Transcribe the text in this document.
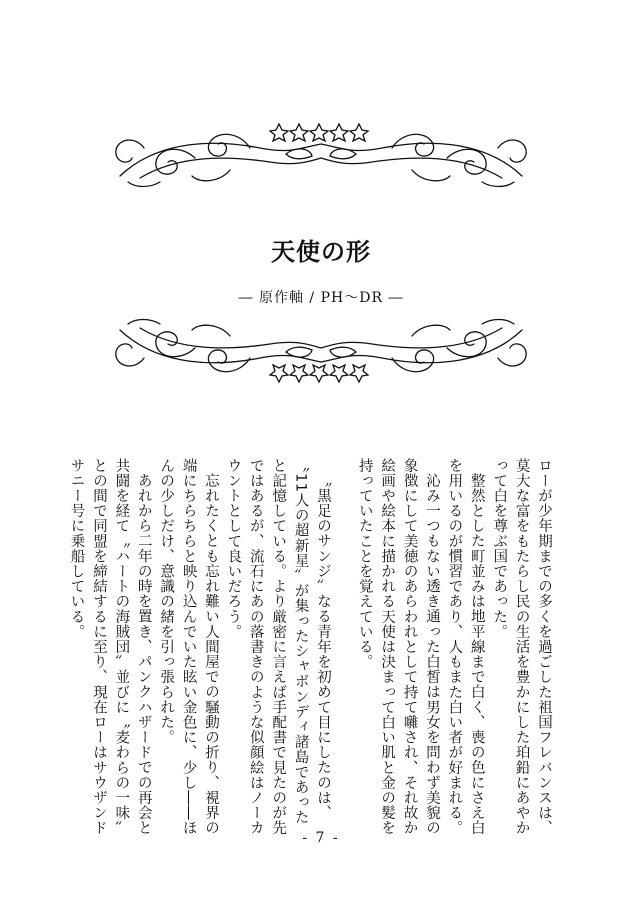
天使の形
― 原作軸 / PH～DR ―

ローが少年期までの多くを過ごした祖国フレバンスは、莫大な富をもたらし民の生活を豊かにした珀鉛にあやかって白を尊ぶ国であった。

整然とした町並みは地平線まで白く、喪の色にさえ白を用いるのが慣習であり、人もまた白い者が好まれる。

沁み一つもない透き通った白皙は男女を問わず美貌の象徴にして美徳のあらわれとして持て囃され、それ故か絵画や絵本に描かれる天使は決まって白い肌と金の髪を持っていたことを覚えている。

〝黒足のサンジ〟なる青年を初めて目にしたのは、〝11人の超新星〟が集ったシャボンディ諸島であったと記憶している。より厳密に言えば手配書で見たのが先ではあるが、流石にあの落書きのような似顔絵はノーカウントとして良いだろう。

忘れたくとも忘れ難い人間屋での騒動の折り、視界の端にちらちらと映り込んでいた眩い金色に、少し――ほんの少しだけ、意識の緒を引っ張られた。

あれから二年の時を置き、パンクハザードでの再会と共闘を経て〝ハートの海賊団〟並びに〝麦わらの一味〟との間で同盟を締結するに至り、現在ローはサウザンドサニー号に乗船している。

- 7 -
